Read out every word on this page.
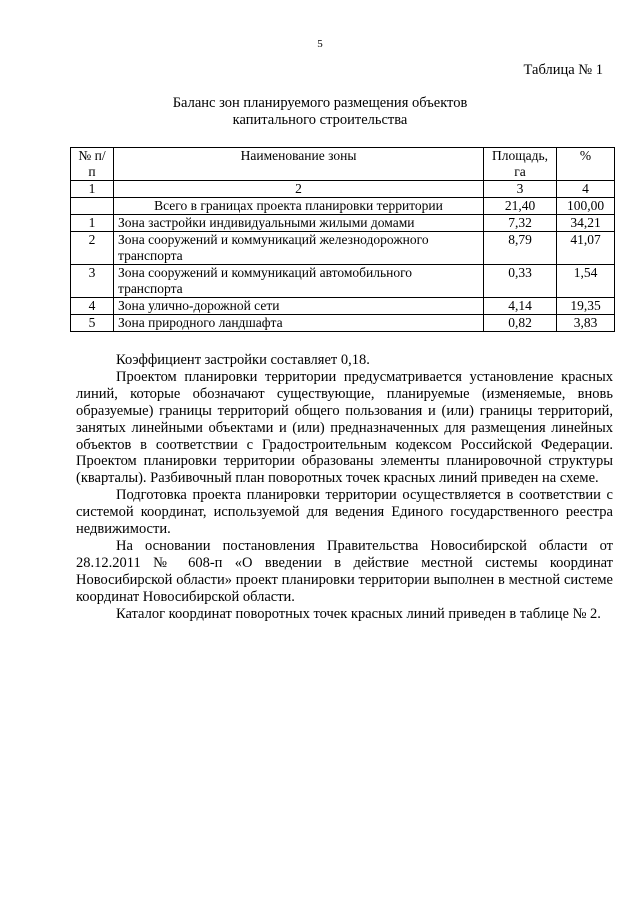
5
Таблица № 1
Баланс зон планируемого размещения объектов
капитального строительства
№ п/п	Наименование зоны	Площадь, га	%
1	2	3	4
	Всего в границах проекта планировки территории	21,40	100,00
1	Зона застройки индивидуальными жилыми домами	7,32	34,21
2	Зона сооружений и коммуникаций железнодорожного транспорта	8,79	41,07
3	Зона сооружений и коммуникаций автомобильного транспорта	0,33	1,54
4	Зона улично-дорожной сети	4,14	19,35
5	Зона природного ландшафта	0,82	3,83

Коэффициент застройки составляет 0,18.

Проектом планировки территории предусматривается установление красных линий, которые обозначают существующие, планируемые (изменяемые, вновь образуемые) границы территорий общего пользования и (или) границы территорий, занятых линейными объектами и (или) предназначенных для размещения линейных объектов в соответствии с Градостроительным кодексом Российской Федерации. Проектом планировки территории образованы элементы планировочной структуры (кварталы). Разбивочный план поворотных точек красных линий приведен на схеме.

Подготовка проекта планировки территории осуществляется в соответствии с системой координат, используемой для ведения Единого государственного реестра недвижимости.

На основании постановления Правительства Новосибирской области от 28.12.2011 № 608-п «О введении в действие местной системы координат Новосибирской области» проект планировки территории выполнен в местной системе координат Новосибирской области.

Каталог координат поворотных точек красных линий приведен в таблице № 2.
